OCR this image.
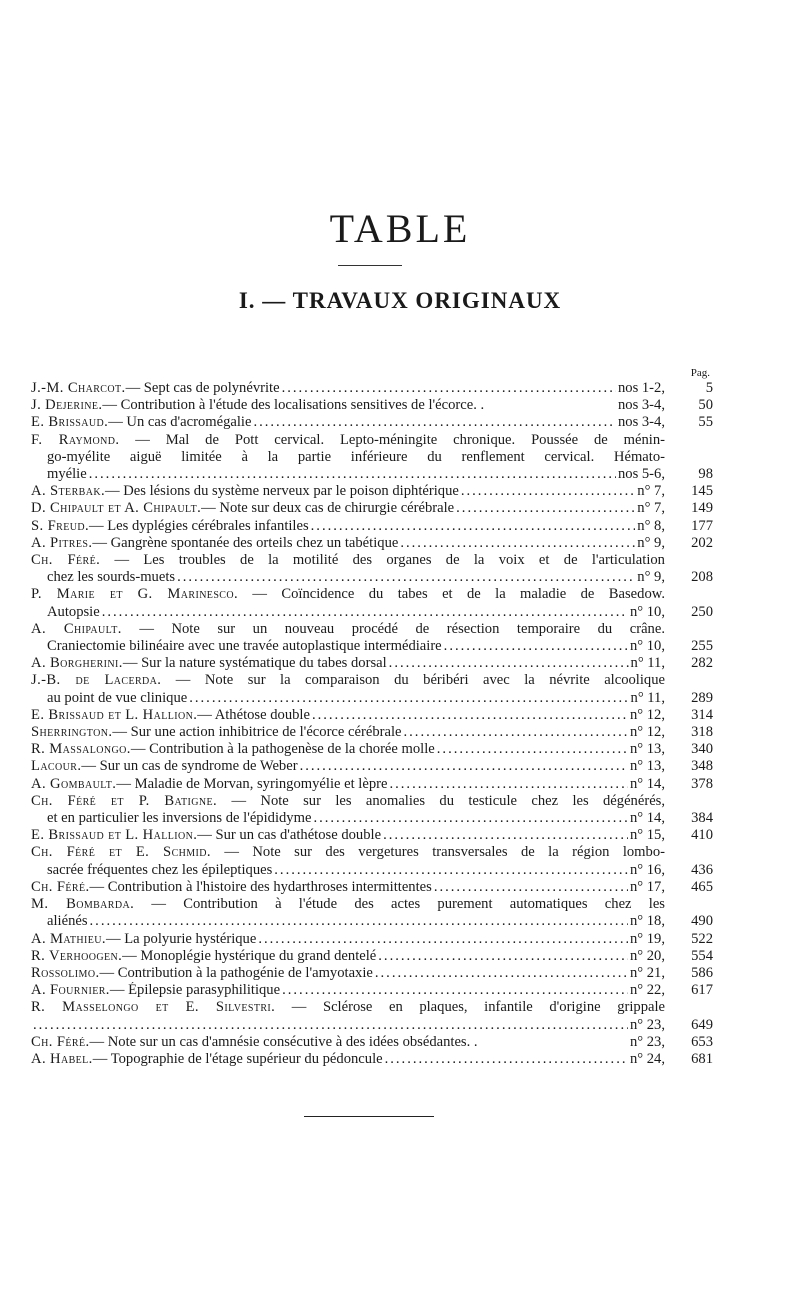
TABLE
I. — TRAVAUX ORIGINAUX
Pag.
J.-M. Charcot. — Sept cas de polynévrite .....	nos 1-2,	5
J. Dejerine. — Contribution à l'étude des localisations sensitives de l'écorce. .	nos 3-4,	50
E. Brissaud. — Un cas d'acromégalie .....	nos 3-4,	55
F. Raymond. — Mal de Pott cervical. Lepto-méningite chronique. Poussée de ménin-
go-myélite aiguë limitée à la partie inférieure du renflement cervical. Hémato-
myélie .....	nos 5-6,	98
A. Sterbak. — Des lésions du système nerveux par le poison diphtérique .....	n° 7,	145
D. Chipault et A. Chipault. — Note sur deux cas de chirurgie cérébrale .....	n° 7,	149
S. Freud. — Les dyplégies cérébrales infantiles .....	n° 8,	177
A. Pitres. — Gangrène spontanée des orteils chez un tabétique .....	n° 9,	202
Ch. Féré. — Les troubles de la motilité des organes de la voix et de l'articulation
chez les sourds-muets .....	n° 9,	208
P. Marie et G. Marinesco. — Coïncidence du tabes et de la maladie de Basedow.
Autopsie .....	n° 10,	250
A. Chipault. — Note sur un nouveau procédé de résection temporaire du crâne.
Craniectomie bilinéaire avec une travée autoplastique intermédiaire .....	n° 10,	255
A. Borgherini. — Sur la nature systématique du tabes dorsal .....	n° 11,	282
J.-B. de Lacerda. — Note sur la comparaison du béribéri avec la névrite alcoolique
au point de vue clinique .....	n° 11,	289
E. Brissaud et L. Hallion. — Athétose double .....	n° 12,	314
Sherrington. — Sur une action inhibitrice de l'écorce cérébrale .....	n° 12,	318
R. Massalongo. — Contribution à la pathogenèse de la chorée molle .....	n° 13,	340
Lacour. — Sur un cas de syndrome de Weber .....	n° 13,	348
A. Gombault. — Maladie de Morvan, syringomyélie et lèpre .....	n° 14,	378
Ch. Féré et P. Batigne. — Note sur les anomalies du testicule chez les dégénérés,
et en particulier les inversions de l'épididyme .....	n° 14,	384
E. Brissaud et L. Hallion. — Sur un cas d'athétose double .....	n° 15,	410
Ch. Féré et E. Schmid. — Note sur des vergetures transversales de la région lombo-
sacrée fréquentes chez les épileptiques .....	n° 16,	436
Ch. Féré. — Contribution à l'histoire des hydarthroses intermittentes .....	n° 17,	465
M. Bombarda. — Contribution à l'étude des actes purement automatiques chez les
aliénés .....	n° 18,	490
A. Mathieu. — La polyurie hystérique .....	n° 19,	522
R. Verhoogen. — Monoplégie hystérique du grand dentelé .....	n° 20,	554
Rossolimo. — Contribution à la pathogénie de l'amyotaxie .....	n° 21,	586
A. Fournier. — Épilepsie parasyphilitique .....	n° 22,	617
R. Masselongo et E. Silvestri. — Sclérose en plaques, infantile d'origine grippale
.....
n° 23,	649
Ch. Féré. — Note sur un cas d'amnésie consécutive à des idées obsédantes. .	n° 23,	653
A. Habel. — Topographie de l'étage supérieur du pédoncule .....	n° 24,	681
